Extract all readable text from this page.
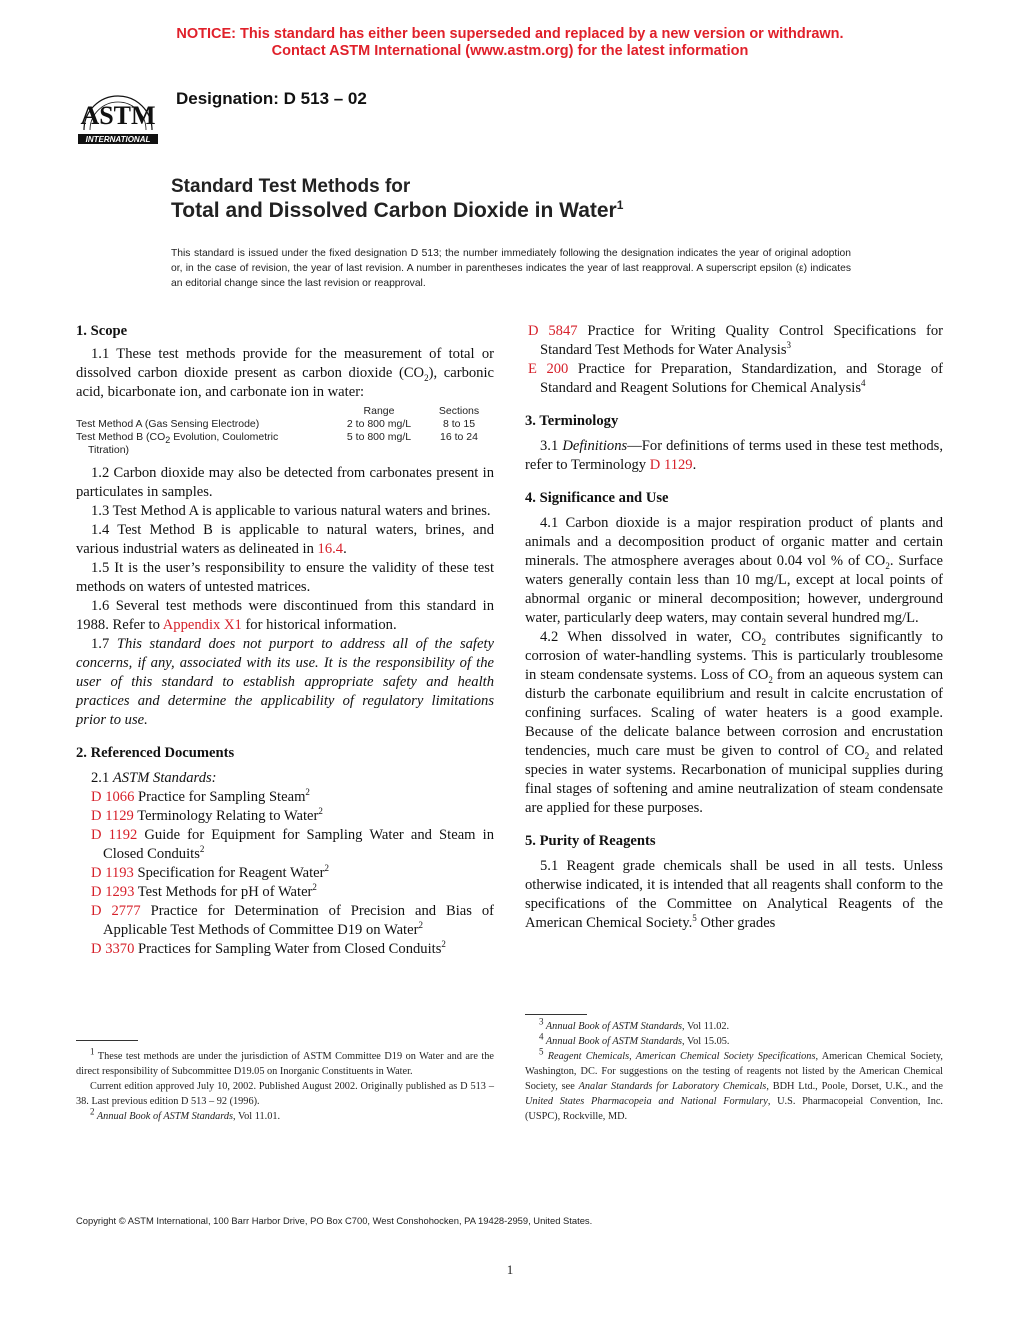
NOTICE: This standard has either been superseded and replaced by a new version or withdrawn.
Contact ASTM International (www.astm.org) for the latest information
ASTM
INTERNATIONAL
Designation: D 513 – 02
Standard Test Methods for
Total and Dissolved Carbon Dioxide in Water$^1$
This standard is issued under the fixed designation D 513; the number immediately following the designation indicates the year of original adoption or, in the case of revision, the year of last revision. A number in parentheses indicates the year of last reapproval. A superscript epsilon (ε) indicates an editorial change since the last revision or reapproval.
1. Scope

1.1 These test methods provide for the measurement of total or dissolved carbon dioxide present as carbon dioxide $(CO_2)$, carbonic acid, bicarbonate ion, and carbonate ion in water:

	Range	Sections
Test Method A (Gas Sensing Electrode)	2 to 800 mg/L	8 to 15
Test Method B ($CO_2$ Evolution, Coulometric
Titration)	5 to 800 mg/L	16 to 24

1.2 Carbon dioxide may also be detected from carbonates present in particulates in samples.

1.3 Test Method A is applicable to various natural waters and brines.

1.4 Test Method B is applicable to natural waters, brines, and various industrial waters as delineated in 16.4.

1.5 It is the user’s responsibility to ensure the validity of these test methods on waters of untested matrices.

1.6 Several test methods were discontinued from this standard in 1988. Refer to Appendix X1 for historical information.

1.7 This standard does not purport to address all of the safety concerns, if any, associated with its use. It is the responsibility of the user of this standard to establish appropriate safety and health practices and determine the applicability of regulatory limitations prior to use.

2. Referenced Documents

2.1 ASTM Standards:

D 1066 Practice for Sampling Steam$^2$
D 1129 Terminology Relating to Water$^2$
D 1192 Guide for Equipment for Sampling Water and Steam in Closed Conduits$^2$
D 1193 Specification for Reagent Water$^2$
D 1293 Test Methods for pH of Water$^2$
D 2777 Practice for Determination of Precision and Bias of Applicable Test Methods of Committee D19 on Water$^2$
D 3370 Practices for Sampling Water from Closed Conduits$^2$

$^1$ These test methods are under the jurisdiction of ASTM Committee D19 on Water and are the direct responsibility of Subcommittee D19.05 on Inorganic Constituents in Water.

Current edition approved July 10, 2002. Published August 2002. Originally published as D 513 – 38. Last previous edition D 513 – 92 (1996).

$^2$ Annual Book of ASTM Standards, Vol 11.01.

D 5847 Practice for Writing Quality Control Specifications for Standard Test Methods for Water Analysis$^3$
E 200 Practice for Preparation, Standardization, and Storage of Standard and Reagent Solutions for Chemical Analysis$^4$
3. Terminology

3.1 Definitions—For definitions of terms used in these test methods, refer to Terminology D 1129.

4. Significance and Use

4.1 Carbon dioxide is a major respiration product of plants and animals and a decomposition product of organic matter and certain minerals. The atmosphere averages about 0.04 vol % of $CO_2$. Surface waters generally contain less than 10 mg/L, except at local points of abnormal organic or mineral decomposition; however, underground water, particularly deep waters, may contain several hundred mg/L.

4.2 When dissolved in water, $CO_2$ contributes significantly to corrosion of water-handling systems. This is particularly troublesome in steam condensate systems. Loss of $CO_2$ from an aqueous system can disturb the carbonate equilibrium and result in calcite encrustation of confining surfaces. Scaling of water heaters is a good example. Because of the delicate balance between corrosion and encrustation tendencies, much care must be given to control of $CO_2$ and related species in water systems. Recarbonation of municipal supplies during final stages of softening and amine neutralization of steam condensate are applied for these purposes.

5. Purity of Reagents

5.1 Reagent grade chemicals shall be used in all tests. Unless otherwise indicated, it is intended that all reagents shall conform to the specifications of the Committee on Analytical Reagents of the American Chemical Society.$^5$ Other grades

$^3$ Annual Book of ASTM Standards, Vol 11.02.

$^4$ Annual Book of ASTM Standards, Vol 15.05.

$^5$ Reagent Chemicals, American Chemical Society Specifications, American Chemical Society, Washington, DC. For suggestions on the testing of reagents not listed by the American Chemical Society, see Analar Standards for Laboratory Chemicals, BDH Ltd., Poole, Dorset, U.K., and the United States Pharmacopeia and National Formulary, U.S. Pharmacopeial Convention, Inc. (USPC), Rockville, MD.

Copyright © ASTM International, 100 Barr Harbor Drive, PO Box C700, West Conshohocken, PA 19428-2959, United States.
1
